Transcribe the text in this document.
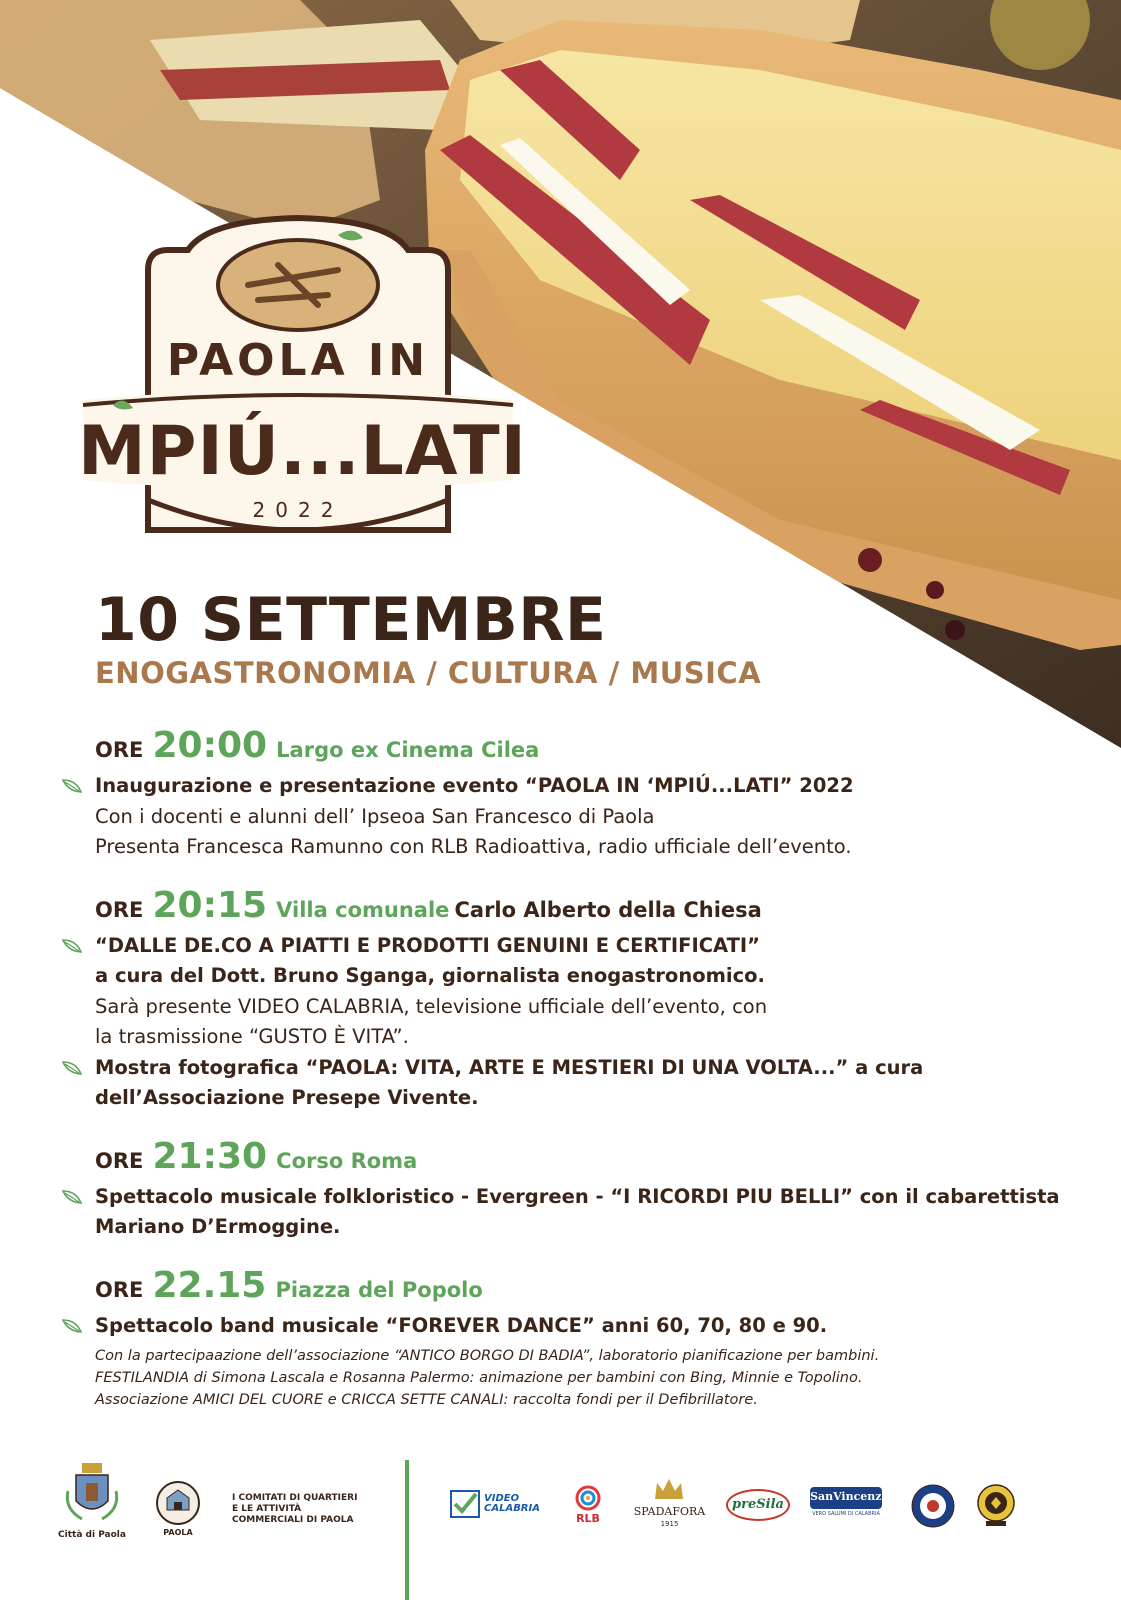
PAOLA IN
MPIÚ...LATI
2022
10 SETTEMBRE
ENOGASTRONOMIA / CULTURA / MUSICA
ORE 20:00 Largo ex Cinema Cilea
Inaugurazione e presentazione evento “PAOLA IN ‘MPIÚ...LATI” 2022
Con i docenti e alunni dell’ Ipseoa San Francesco di Paola
Presenta Francesca Ramunno con RLB Radioattiva, radio ufficiale dell’evento.
ORE 20:15 Villa comunale Carlo Alberto della Chiesa
“DALLE DE.CO A PIATTI E PRODOTTI GENUINI E CERTIFICATI”
a cura del Dott. Bruno Sganga, giornalista enogastronomico.
Sarà presente VIDEO CALABRIA, televisione ufficiale dell’evento, con
la trasmissione “GUSTO È VITA”.
Mostra fotografica “PAOLA: VITA, ARTE E MESTIERI DI UNA VOLTA...” a cura
dell’Associazione Presepe Vivente.
ORE 21:30 Corso Roma
Spettacolo musicale folkloristico - Evergreen - “I RICORDI PIU BELLI” con il cabarettista
Mariano D’Ermoggine.
ORE 22.15 Piazza del Popolo
Spettacolo band musicale “FOREVER DANCE” anni 60, 70, 80 e 90.
Con la partecipaazione dell’associazione “ANTICO BORGO DI BADIA”, laboratorio pianificazione per bambini.
FESTILANDIA di Simona Lascala e Rosanna Palermo: animazione per bambini con Bing, Minnie e Topolino.
Associazione AMICI DEL CUORE e CRICCA SETTE CANALI: raccolta fondi per il Defibrillatore.
Città di Paola	PAOLA
I COMITATI DI QUARTIERI E LE ATTIVITÀ COMMERCIALI DI PAOLA
VIDEO CALABRIA
RLB
SPADAFORA
1915
preSila
SanVincenzo
VERO SALUMI DI CALABRIA
